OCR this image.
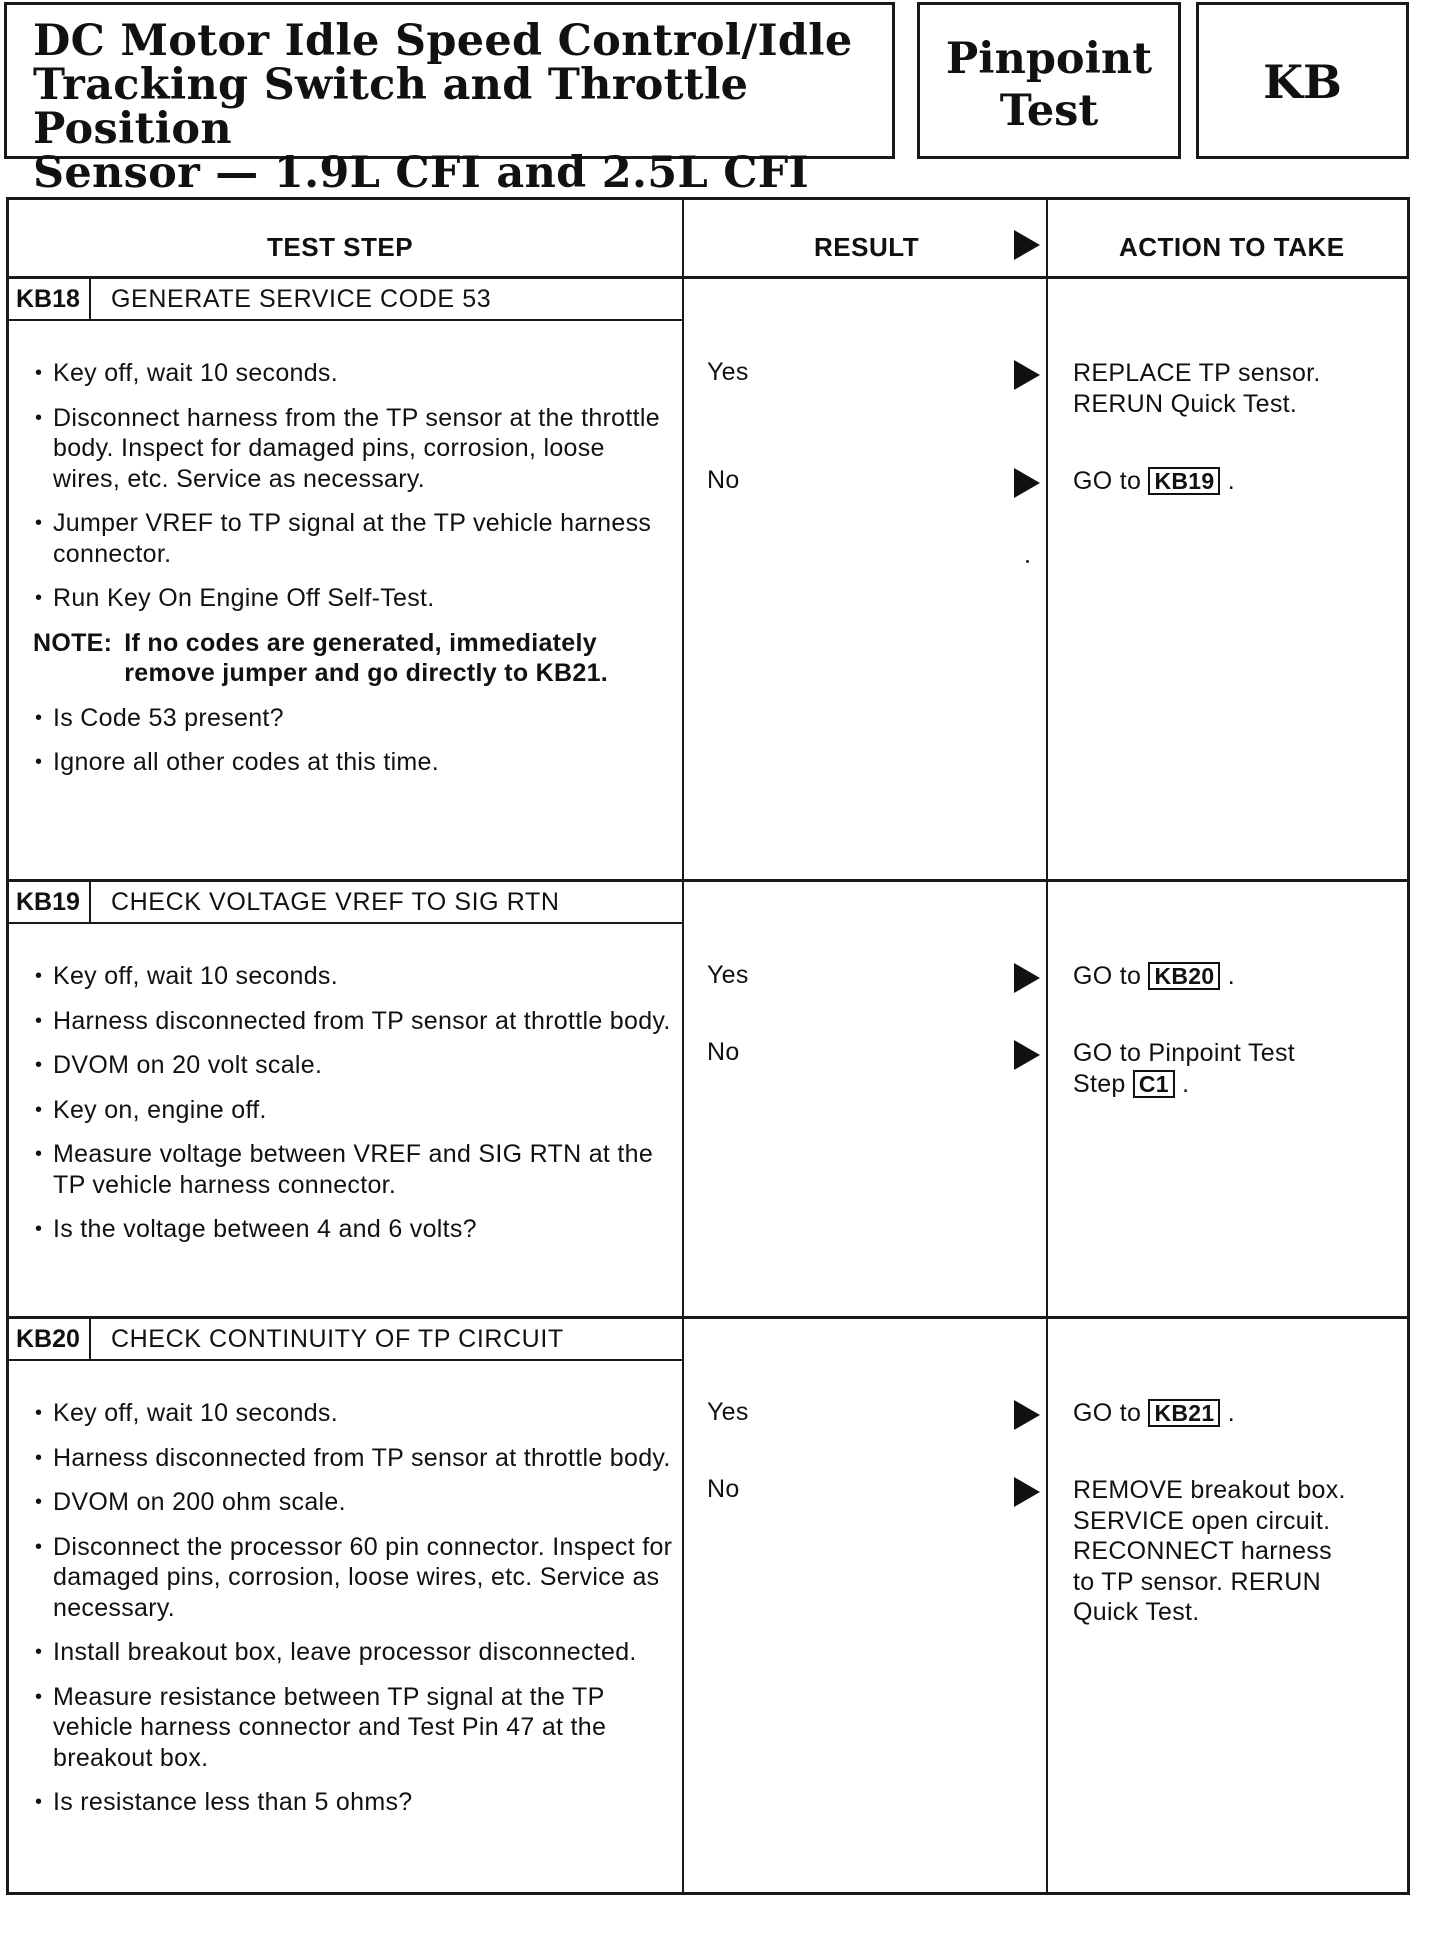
DC Motor Idle Speed Control/Idle
Tracking Switch and Throttle Position
Sensor — 1.9L CFI and 2.5L CFI
Pinpoint
Test
KB
TEST STEP	RESULT	ACTION TO TAKE
KB18	GENERATE SERVICE CODE 53
• Key off, wait 10 seconds.
• Disconnect harness from the TP sensor at the throttle body. Inspect for damaged pins, corrosion, loose wires, etc. Service as necessary.
• Jumper VREF to TP signal at the TP vehicle harness connector.
• Run Key On Engine Off Self-Test.
NOTE: If no codes are generated, immediately remove jumper and go directly to KB21.
• Is Code 53 present?
• Ignore all other codes at this time.
Yes	REPLACE TP sensor.
RERUN Quick Test.
No	GO to KB19 .
KB19	CHECK VOLTAGE VREF TO SIG RTN
• Key off, wait 10 seconds.
• Harness disconnected from TP sensor at throttle body.
• DVOM on 20 volt scale.
• Key on, engine off.
• Measure voltage between VREF and SIG RTN at the TP vehicle harness connector.
• Is the voltage between 4 and 6 volts?
Yes	GO to KB20 .
No	GO to Pinpoint Test
Step C1 .
KB20	CHECK CONTINUITY OF TP CIRCUIT
• Key off, wait 10 seconds.
• Harness disconnected from TP sensor at throttle body.
• DVOM on 200 ohm scale.
• Disconnect the processor 60 pin connector. Inspect for damaged pins, corrosion, loose wires, etc. Service as necessary.
• Install breakout box, leave processor disconnected.
• Measure resistance between TP signal at the TP vehicle harness connector and Test Pin 47 at the breakout box.
• Is resistance less than 5 ohms?
Yes	GO to KB21 .
No	REMOVE breakout box.
SERVICE open circuit.
RECONNECT harness
to TP sensor. RERUN
Quick Test.
